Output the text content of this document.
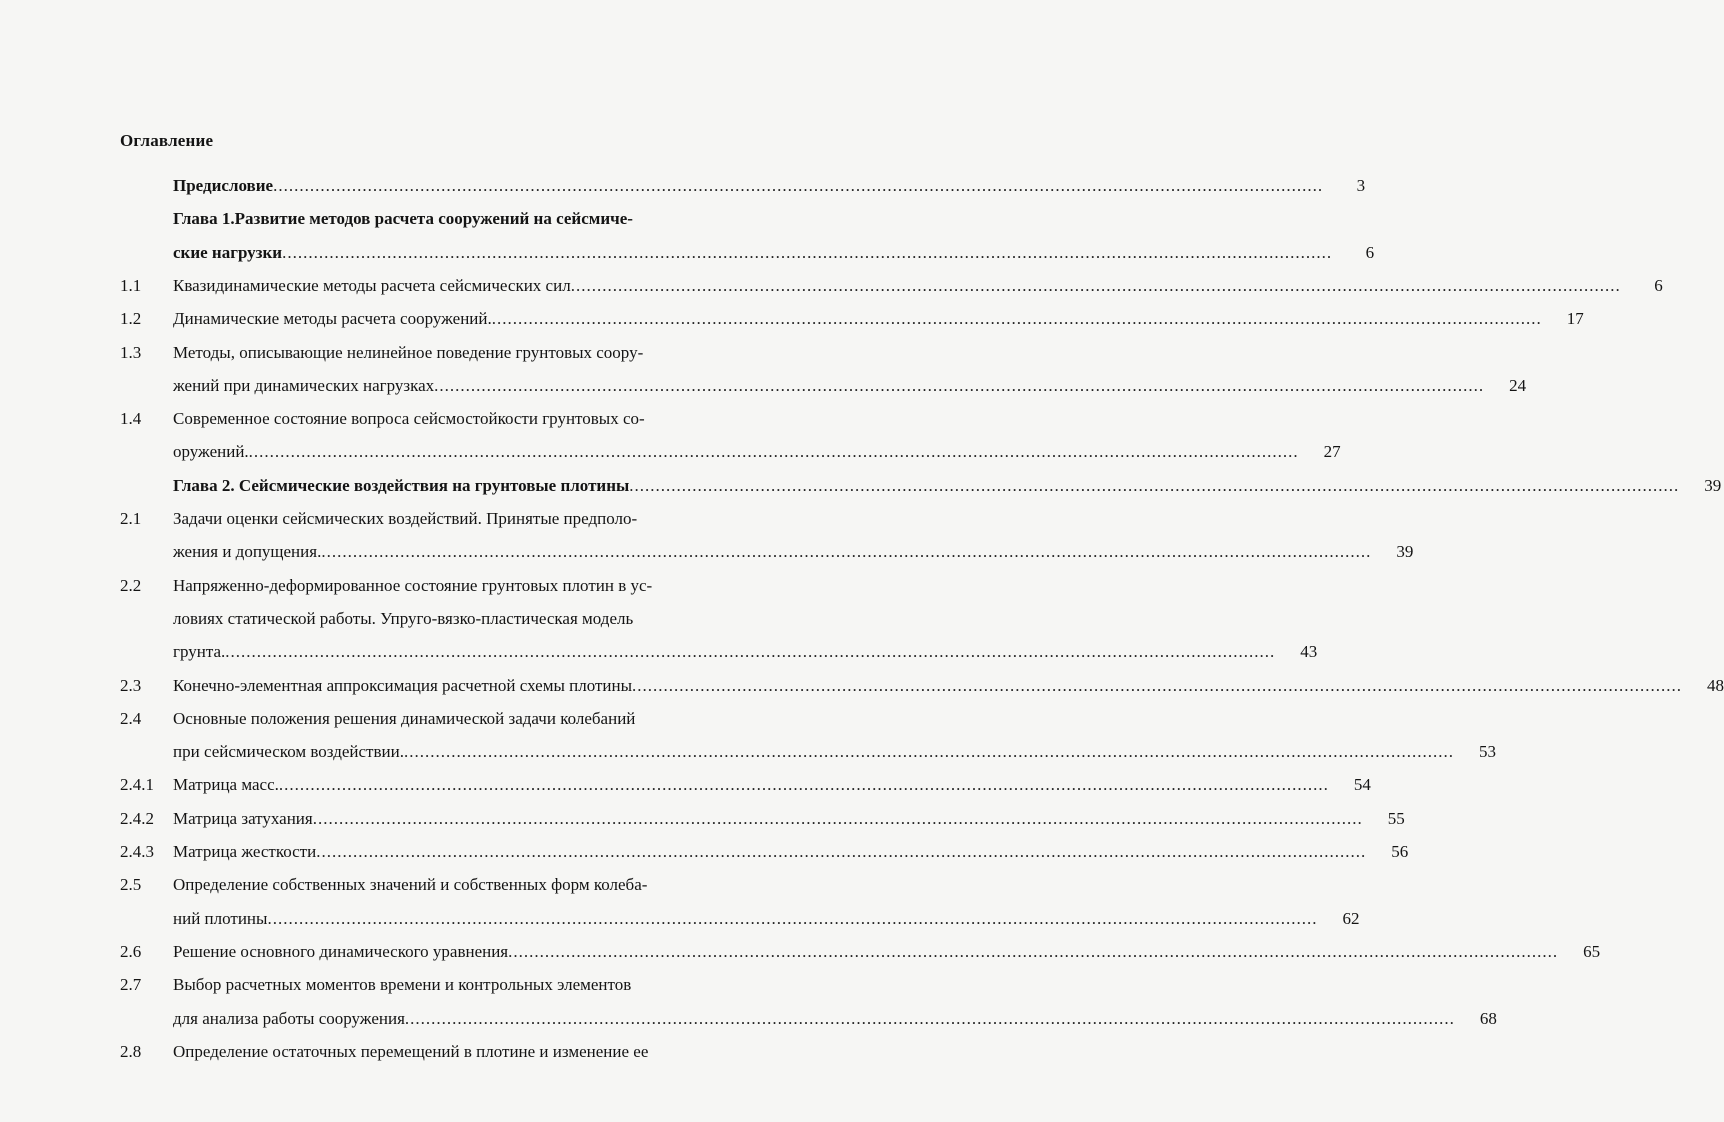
Оглавление
Предисловие ........................................................................................................................................................................................................	3
Глава 1.Развитие методов расчета сооружений на сейсмиче-
ские нагрузки ........................................................................................................................................................................................................	6
1.1	Квазидинамические методы расчета сейсмических сил ........................................................................................................................................................................................................	6
1.2	Динамические методы расчета сооружений. ........................................................................................................................................................................................................	17
1.3	Методы, описывающие нелинейное поведение грунтовых соору-
жений при динамических нагрузках ........................................................................................................................................................................................................	24
1.4	Современное состояние вопроса сейсмостойкости грунтовых со-
оружений. ........................................................................................................................................................................................................	27
Глава 2. Сейсмические воздействия на грунтовые плотины ........................................................................................................................................................................................................	39
2.1	Задачи оценки сейсмических воздействий. Принятые предполо-
жения и допущения. ........................................................................................................................................................................................................	39
2.2	Напряженно-деформированное состояние грунтовых плотин в ус-
ловиях статической работы. Упруго-вязко-пластическая модель
грунта. ........................................................................................................................................................................................................	43
2.3	Конечно-элементная аппроксимация расчетной схемы плотины ........................................................................................................................................................................................................	48
2.4	Основные положения решения динамической задачи колебаний
при сейсмическом воздействии. ........................................................................................................................................................................................................	53
2.4.1	Матрица масс. ........................................................................................................................................................................................................	54
2.4.2	Матрица затухания ........................................................................................................................................................................................................	55
2.4.3	Матрица жесткости ........................................................................................................................................................................................................	56
2.5	Определение собственных значений и собственных форм колеба-
ний плотины ........................................................................................................................................................................................................	62
2.6	Решение основного динамического уравнения ........................................................................................................................................................................................................	65
2.7	Выбор расчетных моментов времени и контрольных элементов
для анализа работы сооружения ........................................................................................................................................................................................................	68
2.8	Определение остаточных перемещений в плотине и изменение ее
